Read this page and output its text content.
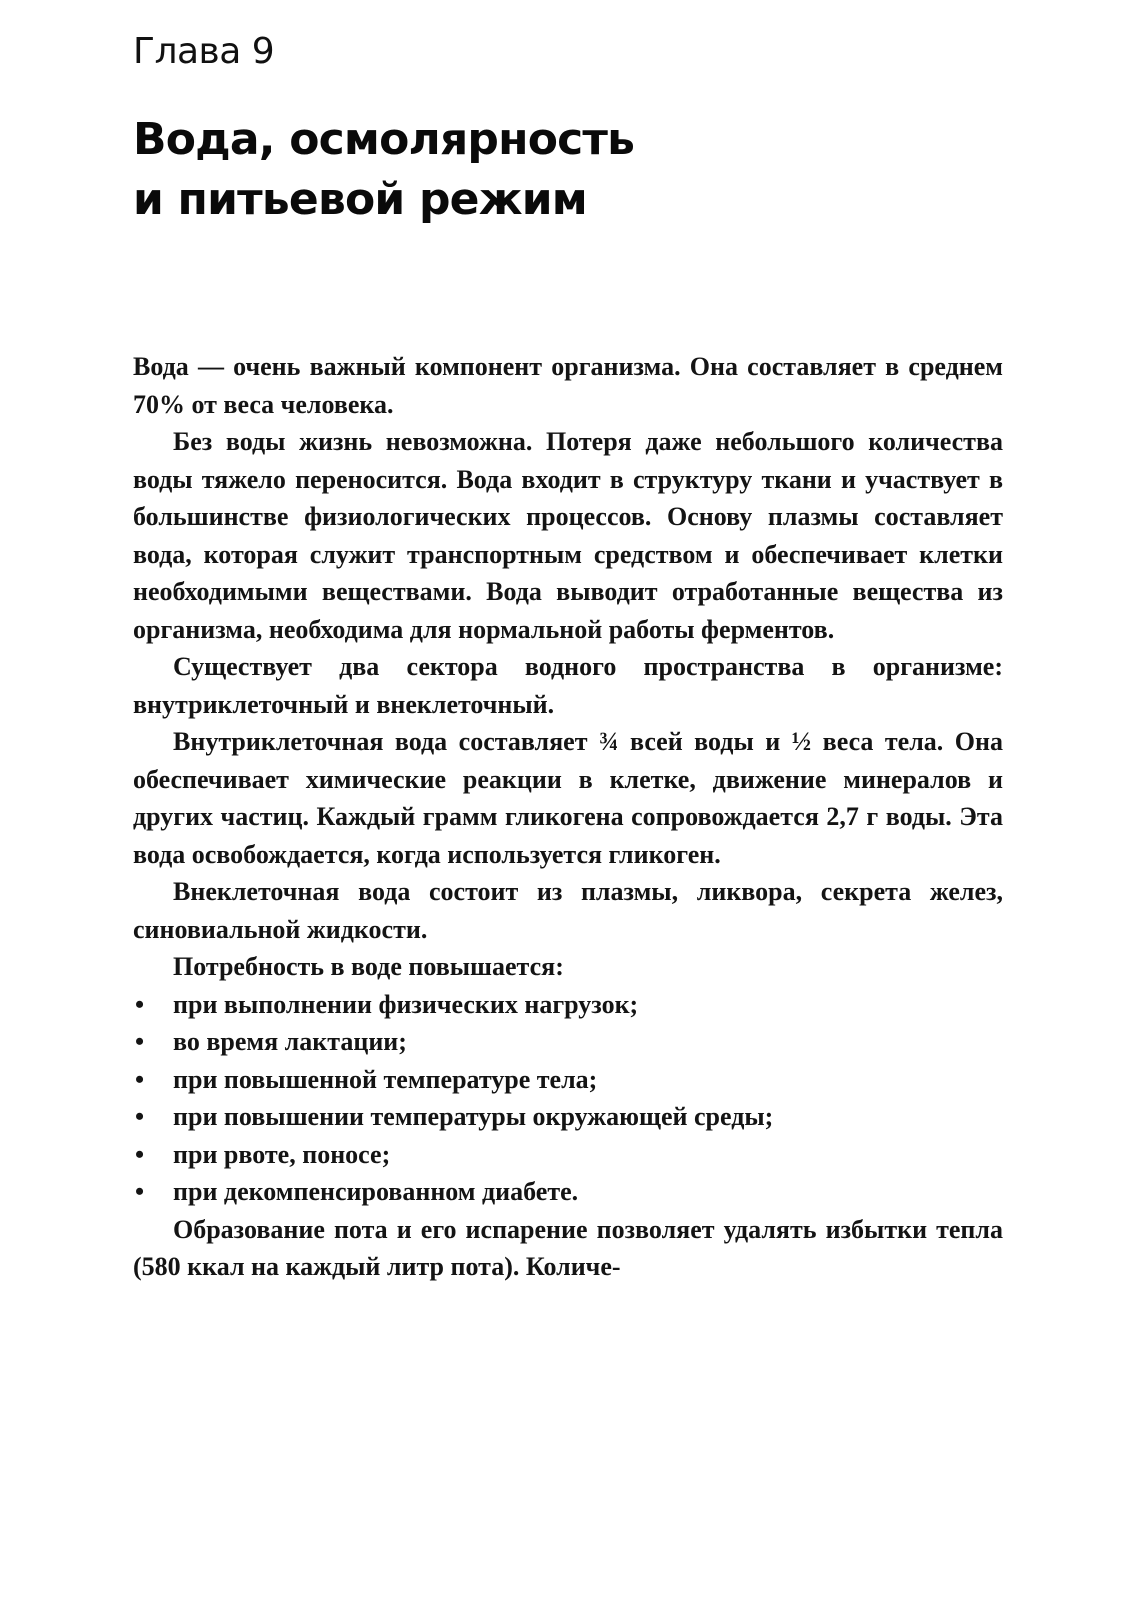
Глава 9
Вода, осмолярность
и питьевой режим

Вода — очень важный компонент организма. Она составляет в среднем 70% от веса человека.

Без воды жизнь невозможна. Потеря даже небольшого количества воды тяжело переносится. Вода входит в структуру ткани и участвует в большинстве физиологических процессов. Основу плазмы составляет вода, которая служит транспортным средством и обеспечивает клетки необходимыми веществами. Вода выводит отработанные вещества из организма, необходима для нормальной работы ферментов.

Существует два сектора водного пространства в организме: внутриклеточный и внеклеточный.

Внутриклеточная вода составляет ¾ всей воды и ½ веса тела. Она обеспечивает химические реакции в клетке, движение минералов и других частиц. Каждый грамм гликогена сопровождается 2,7 г воды. Эта вода освобождается, когда используется гликоген.

Внеклеточная вода состоит из плазмы, ликвора, секрета желез, синовиальной жидкости.

Потребность в воде повышается:

• при выполнении физических нагрузок;
• во время лактации;
• при повышенной температуре тела;
• при повышении температуры окружающей среды;
• при рвоте, поносе;
• при декомпенсированном диабете.

Образование пота и его испарение позволяет удалять избытки тепла (580 ккал на каждый литр пота). Количе-
